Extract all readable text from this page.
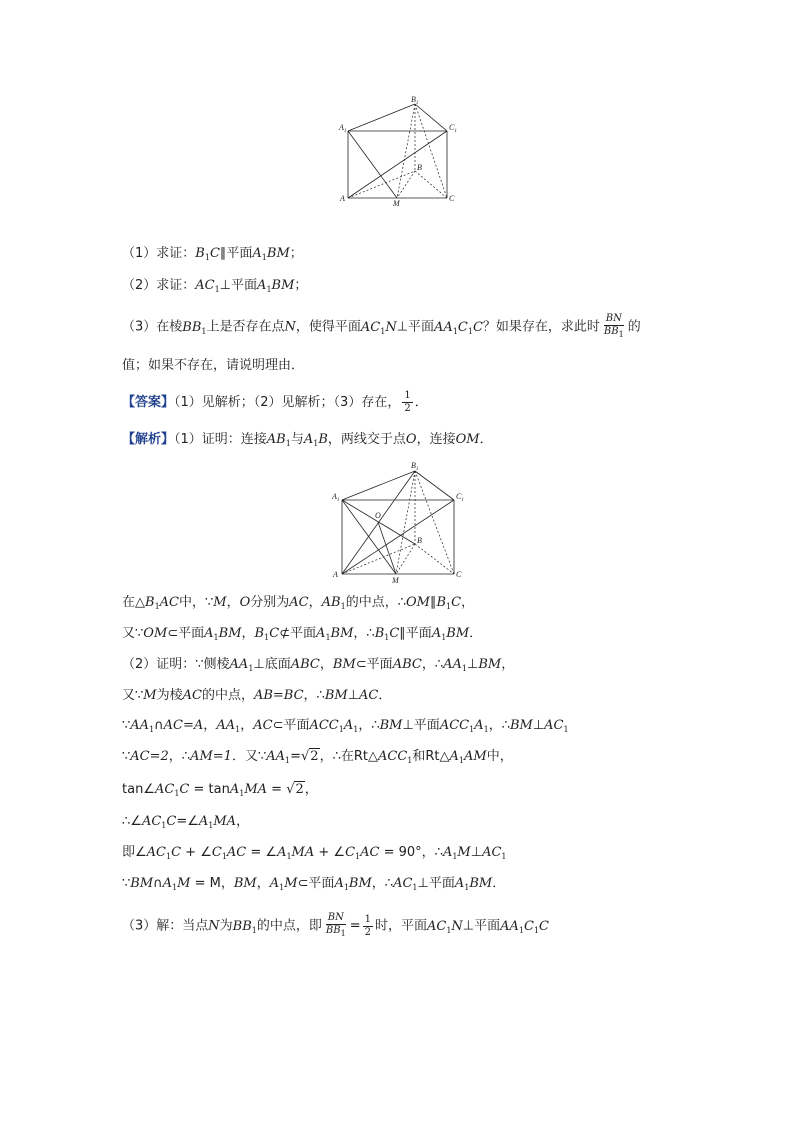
$B_1$
$A_1$	$C_1$
B
A
M
C
（1）求证：$B_1C\parallel$平面$A_1BM$；
（2）求证：$AC_1\perp$平面$A_1BM$；
（3）在棱$BB_1$上是否存在点N，使得平面$AC_1N\perp$平面$AA_1C_1C$？如果存在，求此时 $\frac{BN}{BB_1}$ 的
值；如果不存在，请说明理由．
【答案】（1）见解析；（2）见解析；（3）存在， $\frac{1}{2}$ ．
【解析】（1）证明：连接$AB_1$与$A_1B$，两线交于点O，连接OM．
$B_1$
$A_1$	$C_1$
O
B
A
M
C
在$\triangle B_1AC$中，∵M，O分别为AC，$AB_1$的中点，$\therefore OM\parallel B_1C$，
又∵OM⊂平面$A_1BM$，$B_1C⊄$平面$A_1BM$，$\therefore B_1C\parallel$平面$A_1BM$．
（2）证明：∵侧棱$AA_1\perp$底面ABC，BM⊂平面ABC，$\therefore AA_1\perp BM$，
又∵M为棱AC的中点，AB=BC，∴BM⊥AC．
$\because AA_1\cap AC=A$，$AA_1$，AC⊂平面$ACC_1A_1$，∴BM⊥平面$ACC_1A_1$，$\therefore BM\perp AC_1$
∵AC=2，∴AM=1．又$\because AA_1=√2$，∴在$Rt\triangle ACC_1$和$Rt\triangle A_1AM$中，
$\tan\angle AC_1C = \tan A_1MA = √2$，
$\therefore\angle AC_1C=\angle A_1MA$，
即$\angle AC_1C$ + $\angle C_1AC$ = $\angle A_1MA$ + $\angle C_1AC = 90^\circ$，$\therefore A_1M\perp AC_1$
$\because BM\cap A_1M = M$，BM，$A_1M\subset$平面$A_1BM$，$\therefore AC_1\perp$平面$A_1BM$．
（3）解：当点N为$BB_1$的中点，即 $\frac{BN}{BB_1} = \frac{1}{2}$ 时，平面$AC_1N\perp$平面$AA_1C_1C$
